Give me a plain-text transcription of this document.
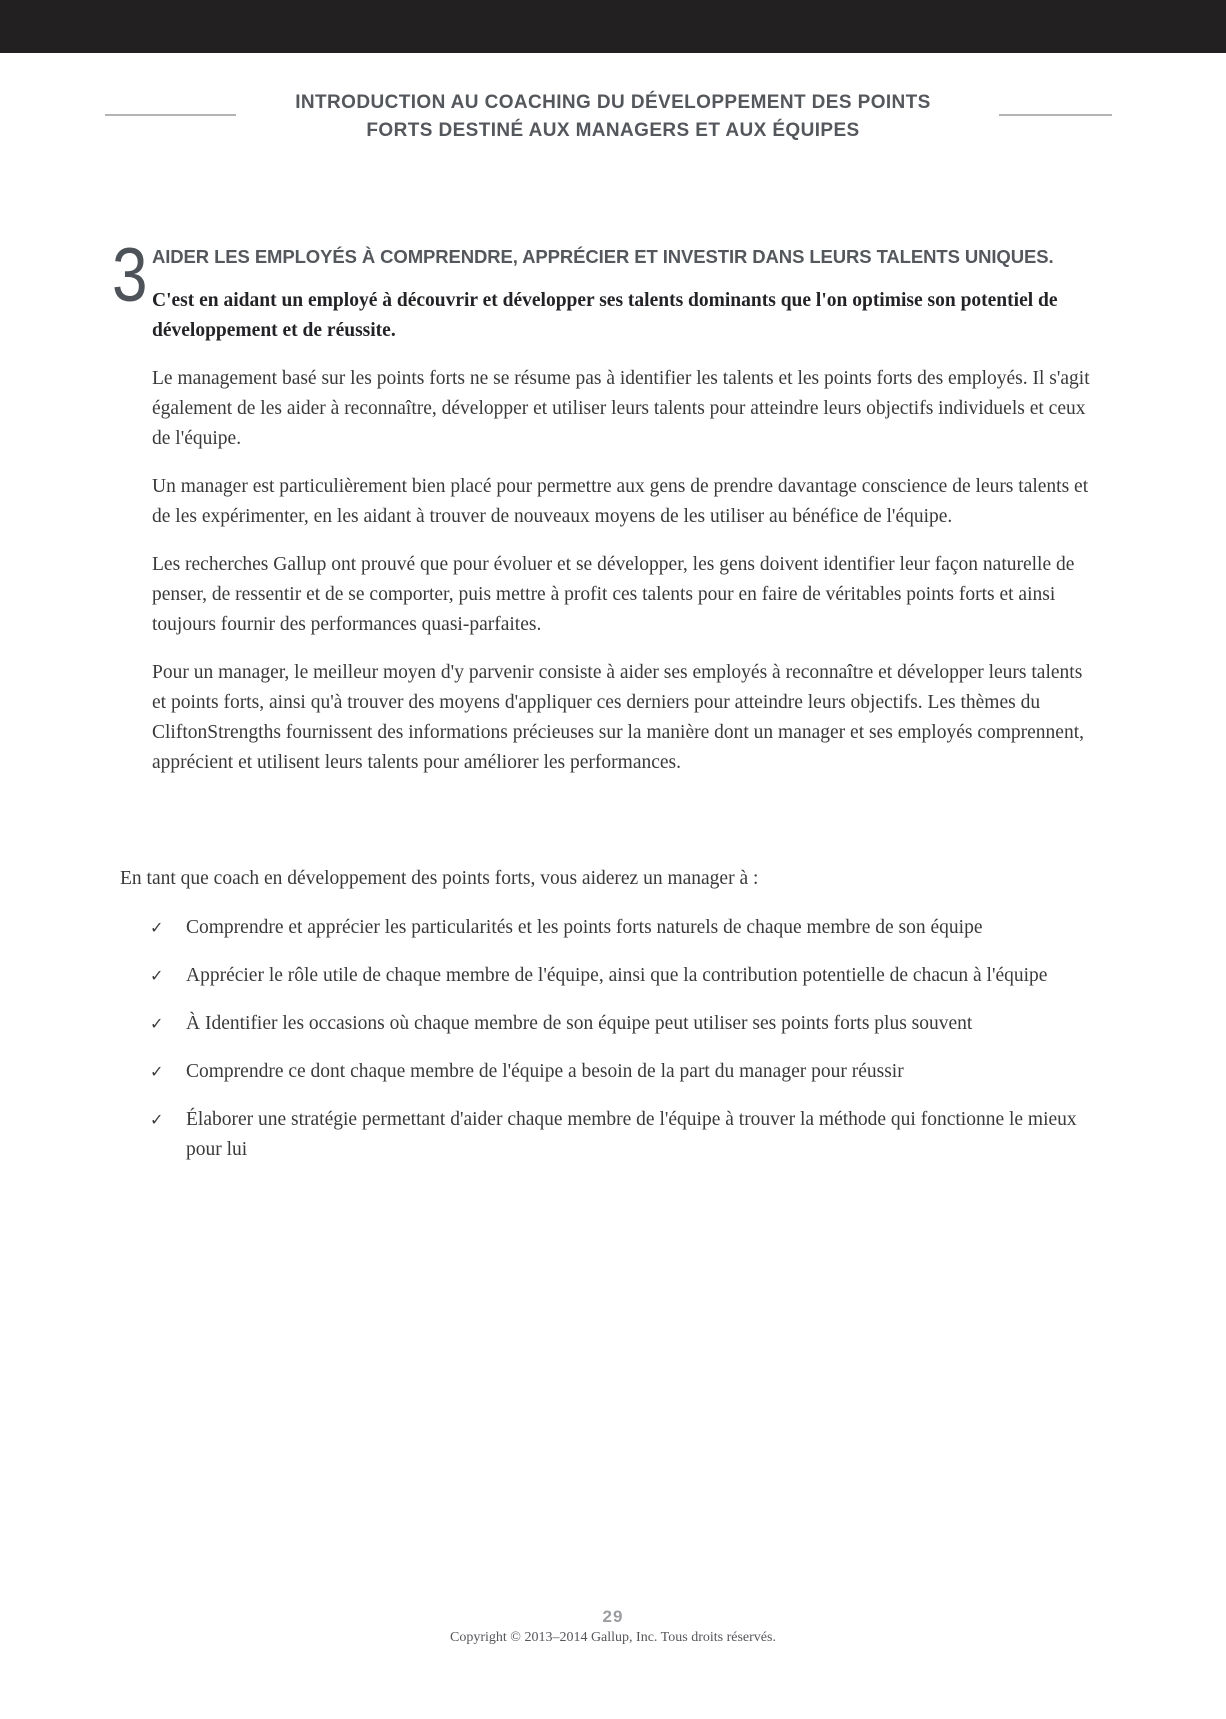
INTRODUCTION AU COACHING DU DÉVELOPPEMENT DES POINTS
FORTS DESTINÉ AUX MANAGERS ET AUX ÉQUIPES
3 AIDER LES EMPLOYÉS À COMPRENDRE, APPRÉCIER ET INVESTIR DANS LEURS TALENTS UNIQUES.
C'est en aidant un employé à découvrir et développer ses talents dominants que l'on optimise son potentiel de développement et de réussite.

Le management basé sur les points forts ne se résume pas à identifier les talents et les points forts des employés. Il s'agit également de les aider à reconnaître, développer et utiliser leurs talents pour atteindre leurs objectifs individuels et ceux de l'équipe.

Un manager est particulièrement bien placé pour permettre aux gens de prendre davantage conscience de leurs talents et de les expérimenter, en les aidant à trouver de nouveaux moyens de les utiliser au bénéfice de l'équipe.

Les recherches Gallup ont prouvé que pour évoluer et se développer, les gens doivent identifier leur façon naturelle de penser, de ressentir et de se comporter, puis mettre à profit ces talents pour en faire de véritables points forts et ainsi toujours fournir des performances quasi-parfaites.

Pour un manager, le meilleur moyen d'y parvenir consiste à aider ses employés à reconnaître et développer leurs talents et points forts, ainsi qu'à trouver des moyens d'appliquer ces derniers pour atteindre leurs objectifs. Les thèmes du CliftonStrengths fournissent des informations précieuses sur la manière dont un manager et ses employés comprennent, apprécient et utilisent leurs talents pour améliorer les performances.

En tant que coach en développement des points forts, vous aiderez un manager à :
✓	Comprendre et apprécier les particularités et les points forts naturels de chaque membre de son équipe
✓	Apprécier le rôle utile de chaque membre de l'équipe, ainsi que la contribution potentielle de chacun à l'équipe
✓	À Identifier les occasions où chaque membre de son équipe peut utiliser ses points forts plus souvent
✓	Comprendre ce dont chaque membre de l'équipe a besoin de la part du manager pour réussir
✓	Élaborer une stratégie permettant d'aider chaque membre de l'équipe à trouver la méthode qui fonctionne le mieux pour lui
29
Copyright © 2013–2014 Gallup, Inc. Tous droits réservés.
